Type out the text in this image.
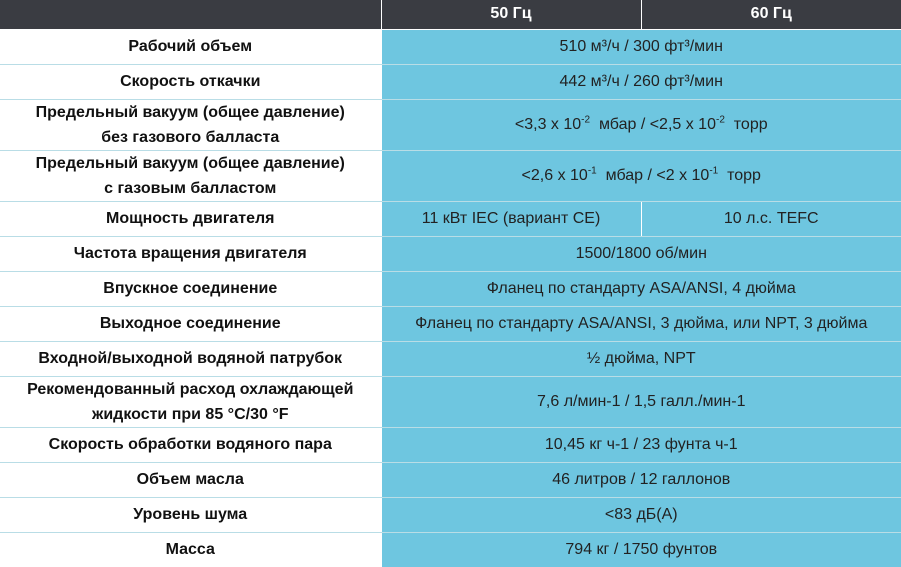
	50 Гц	60 Гц
Рабочий объем	510 м³/ч / 300 фт³/мин	
Скорость откачки	442 м³/ч / 260 фт³/мин	

Предельный вакуум (общее давление)
без газового балласта	<3,3 x $10^{-2}$  мбар / <2,5 x $10^{-2}$  торр	

Предельный вакуум (общее давление)
с газовым балластом	<2,6 x $10^{-1}$  мбар / <2 x $10^{-1}$  торр	
Мощность двигателя	11 кВт IEC (вариант CE)	10 л.с. TEFC
Частота вращения двигателя	1500/1800 об/мин	
Впускное соединение	Фланец по стандарту ASA/ANSI, 4 дюйма	
Выходное соединение	Фланец по стандарту ASA/ANSI, 3 дюйма, или NPT, 3 дюйма	
Входной/выходной водяной патрубок	½ дюйма, NPT	

Рекомендованный расход охлаждающей
жидкости при 85 °C/30 °F	7,6 л/мин-1 / 1,5 галл./мин-1	
Скорость обработки водяного пара	10,45 кг ч-1 / 23 фунта ч-1	
Объем масла	46 литров / 12 галлонов	
Уровень шума	<83 дБ(A)	
Масса	794 кг / 1750 фунтов	
